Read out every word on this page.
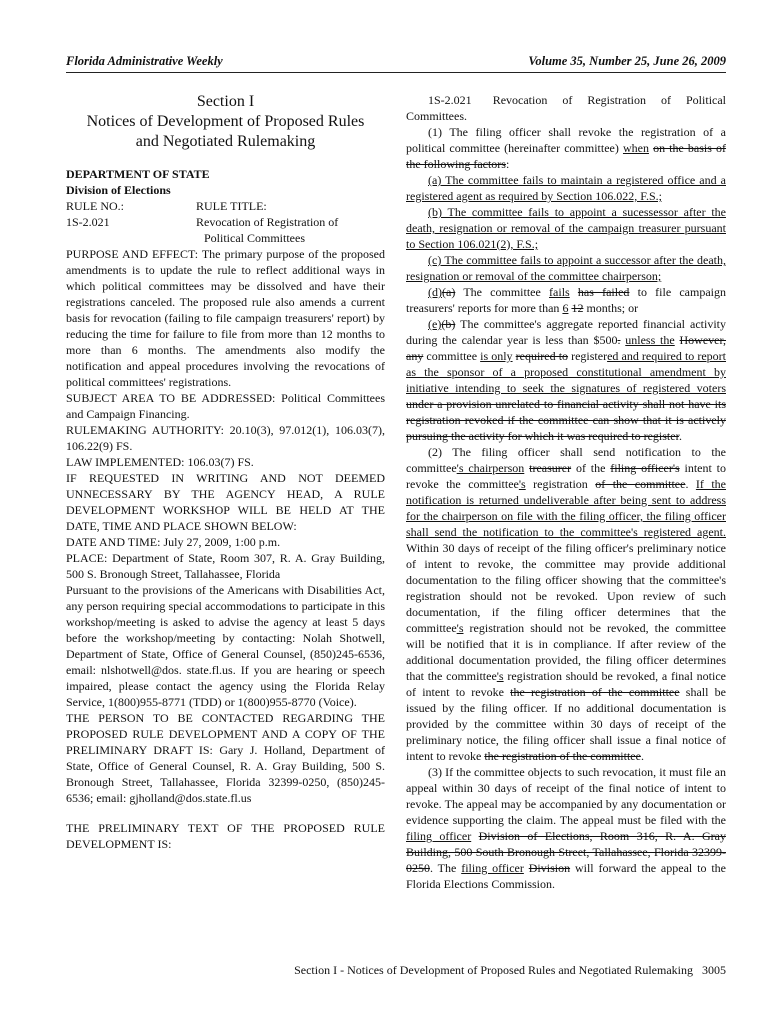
Florida Administrative Weekly	Volume 35, Number 25, June 26, 2009
Section I
Notices of Development of Proposed Rules
and Negotiated Rulemaking

DEPARTMENT OF STATE

Division of Elections

RULE NO.:	RULE TITLE:
1S-2.021	Revocation of Registration of
Political Committees

PURPOSE AND EFFECT: The primary purpose of the proposed amendments is to update the rule to reflect additional ways in which political committees may be dissolved and have their registrations canceled. The proposed rule also amends a current basis for revocation (failing to file campaign treasurers' report) by reducing the time for failure to file from more than 12 months to more than 6 months. The amendments also modify the notification and appeal procedures involving the revocations of political committees' registrations.

SUBJECT AREA TO BE ADDRESSED: Political Committees and Campaign Financing.

RULEMAKING AUTHORITY: 20.10(3), 97.012(1), 106.03(7), 106.22(9) FS.

LAW IMPLEMENTED: 106.03(7) FS.

IF REQUESTED IN WRITING AND NOT DEEMED UNNECESSARY BY THE AGENCY HEAD, A RULE DEVELOPMENT WORKSHOP WILL BE HELD AT THE DATE, TIME AND PLACE SHOWN BELOW:

DATE AND TIME: July 27, 2009, 1:00 p.m.

PLACE: Department of State, Room 307, R. A. Gray Building, 500 S. Bronough Street, Tallahassee, Florida

Pursuant to the provisions of the Americans with Disabilities Act, any person requiring special accommodations to participate in this workshop/meeting is asked to advise the agency at least 5 days before the workshop/meeting by contacting: Nolah Shotwell, Department of State, Office of General Counsel, (850)245-6536, email: nlshotwell@dos. state.fl.us. If you are hearing or speech impaired, please contact the agency using the Florida Relay Service, 1(800)955-8771 (TDD) or 1(800)955-8770 (Voice).

THE PERSON TO BE CONTACTED REGARDING THE PROPOSED RULE DEVELOPMENT AND A COPY OF THE PRELIMINARY DRAFT IS: Gary J. Holland, Department of State, Office of General Counsel, R. A. Gray Building, 500 S. Bronough Street, Tallahassee, Florida 32399-0250, (850)245-6536; email: gjholland@dos.state.fl.us

THE PRELIMINARY TEXT OF THE PROPOSED RULE DEVELOPMENT IS:

1S-2.021 Revocation of Registration of Political Committees.

(1) The filing officer shall revoke the registration of a political committee (hereinafter committee) when on the basis of the following factors:

(a) The committee fails to maintain a registered office and a registered agent as required by Section 106.022, F.S.;

(b) The committee fails to appoint a sucessessor after the death, resignation or removal of the campaign treasurer pursuant to Section 106.021(2), F.S.;

(c) The committee fails to appoint a successor after the death, resignation or removal of the committee chairperson;

(d)(a) The committee fails has failed to file campaign treasurers' reports for more than 6 12 months; or

(e)(b) The committee's aggregate reported financial activity during the calendar year is less than $500. unless the However, any committee is only required to registered and required to report as the sponsor of a proposed constitutional amendment by initiative intending to seek the signatures of registered voters under a provision unrelated to financial activity shall not have its registration revoked if the committee can show that it is actively pursuing the activity for which it was required to register.

(2) The filing officer shall send notification to the committee's chairperson treasurer of the filing officer's intent to revoke the committee's registration of the committee. If the notification is returned undeliverable after being sent to address for the chairperson on file with the filing officer, the filing officer shall send the notification to the committee's registered agent. Within 30 days of receipt of the filing officer's preliminary notice of intent to revoke, the committee may provide additional documentation to the filing officer showing that the committee's registration should not be revoked. Upon review of such documentation, if the filing officer determines that the committee's registration should not be revoked, the committee will be notified that it is in compliance. If after review of the additional documentation provided, the filing officer determines that the committee's registration should be revoked, a final notice of intent to revoke the registration of the committee shall be issued by the filing officer. If no additional documentation is provided by the committee within 30 days of receipt of the preliminary notice, the filing officer shall issue a final notice of intent to revoke the registration of the committee.

(3) If the committee objects to such revocation, it must file an appeal within 30 days of receipt of the final notice of intent to revoke. The appeal may be accompanied by any documentation or evidence supporting the claim. The appeal must be filed with the filing officer Division of Elections, Room 316, R. A. Gray Building, 500 South Bronough Street, Tallahassee, Florida 32399-0250. The filing officer Division will forward the appeal to the Florida Elections Commission.

Section I - Notices of Development of Proposed Rules and Negotiated Rulemaking 3005
